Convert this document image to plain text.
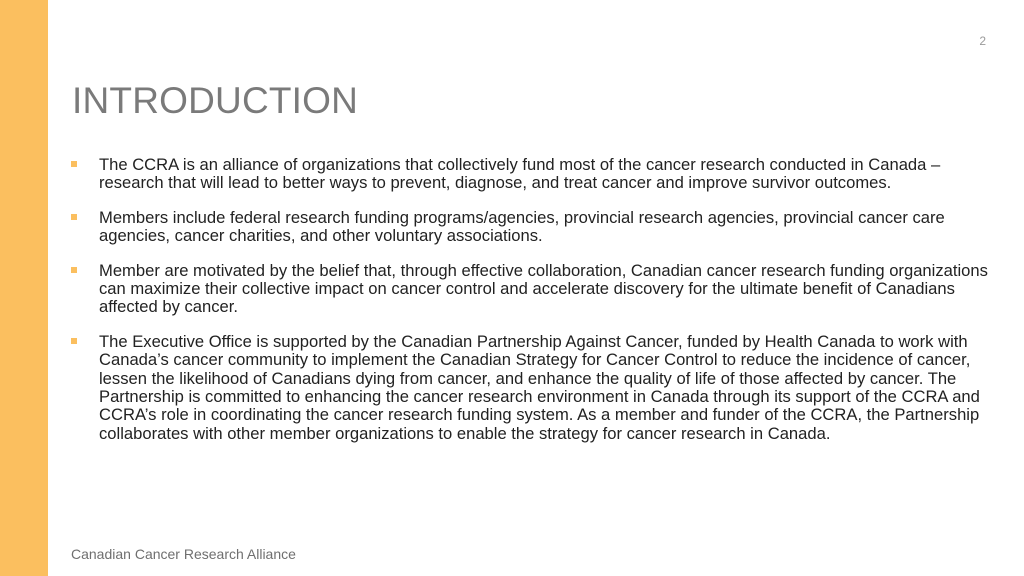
2
INTRODUCTION
The CCRA is an alliance of organizations that collectively fund most of the cancer research conducted in Canada – research that will lead to better ways to prevent, diagnose, and treat cancer and improve survivor outcomes.
Members include federal research funding programs/agencies, provincial research agencies, provincial cancer care agencies, cancer charities, and other voluntary associations.
Member are motivated by the belief that, through effective collaboration, Canadian cancer research funding organizations can maximize their collective impact on cancer control and accelerate discovery for the ultimate benefit of Canadians affected by cancer.
The Executive Office is supported by the Canadian Partnership Against Cancer, funded by Health Canada to work with Canada’s cancer community to implement the Canadian Strategy for Cancer Control to reduce the incidence of cancer, lessen the likelihood of Canadians dying from cancer, and enhance the quality of life of those affected by cancer. The Partnership is committed to enhancing the cancer research environment in Canada through its support of the CCRA and CCRA’s role in coordinating the cancer research funding system. As a member and funder of the CCRA, the Partnership collaborates with other member organizations to enable the strategy for cancer research in Canada.
Canadian Cancer Research Alliance
